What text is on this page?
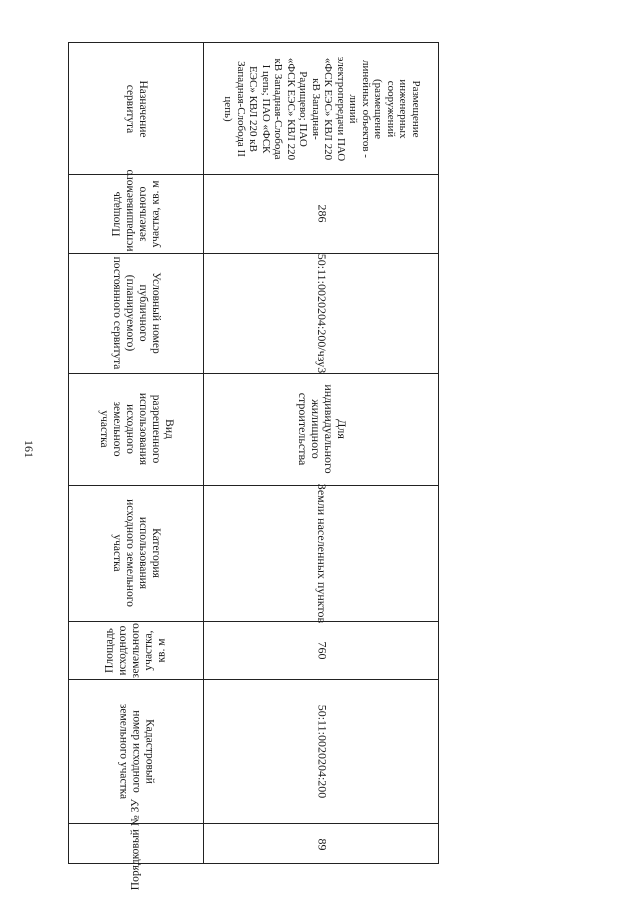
161
Назначение
сервитута
Площадь
испрашиваемого
земельного участка, кв. м
Условный номер
публичного
(планируемого)
постоянного сервитута
Вид
разрешенного
использования
исходного
земельного
участка
Категория
использования
исходного земельного
участка
Площадь исходного
земельного участка,
кв. м
Кадастровый
номер исходного
земельного участка
Порядковый № ЗУ
Размещение
инженерных
сооружений
(размещение
линейных объектов -
линий
электропередачи ПАО
«ФСК ЕЭС» КВЛ 220
кВ Западная-
Радищево; ПАО
«ФСК ЕЭС» КВЛ 220
кВ Западная-Слобода
I цепь; ПАО «ФСК
ЕЭС» КВЛ 220 кВ
Западная-Слобода II
цепь)
286
50:11:0020204:200/чзу3
Для
индивидуального
жилищного
строительства
Земли населенных пунктов
760
50:11:0020204:200
89
